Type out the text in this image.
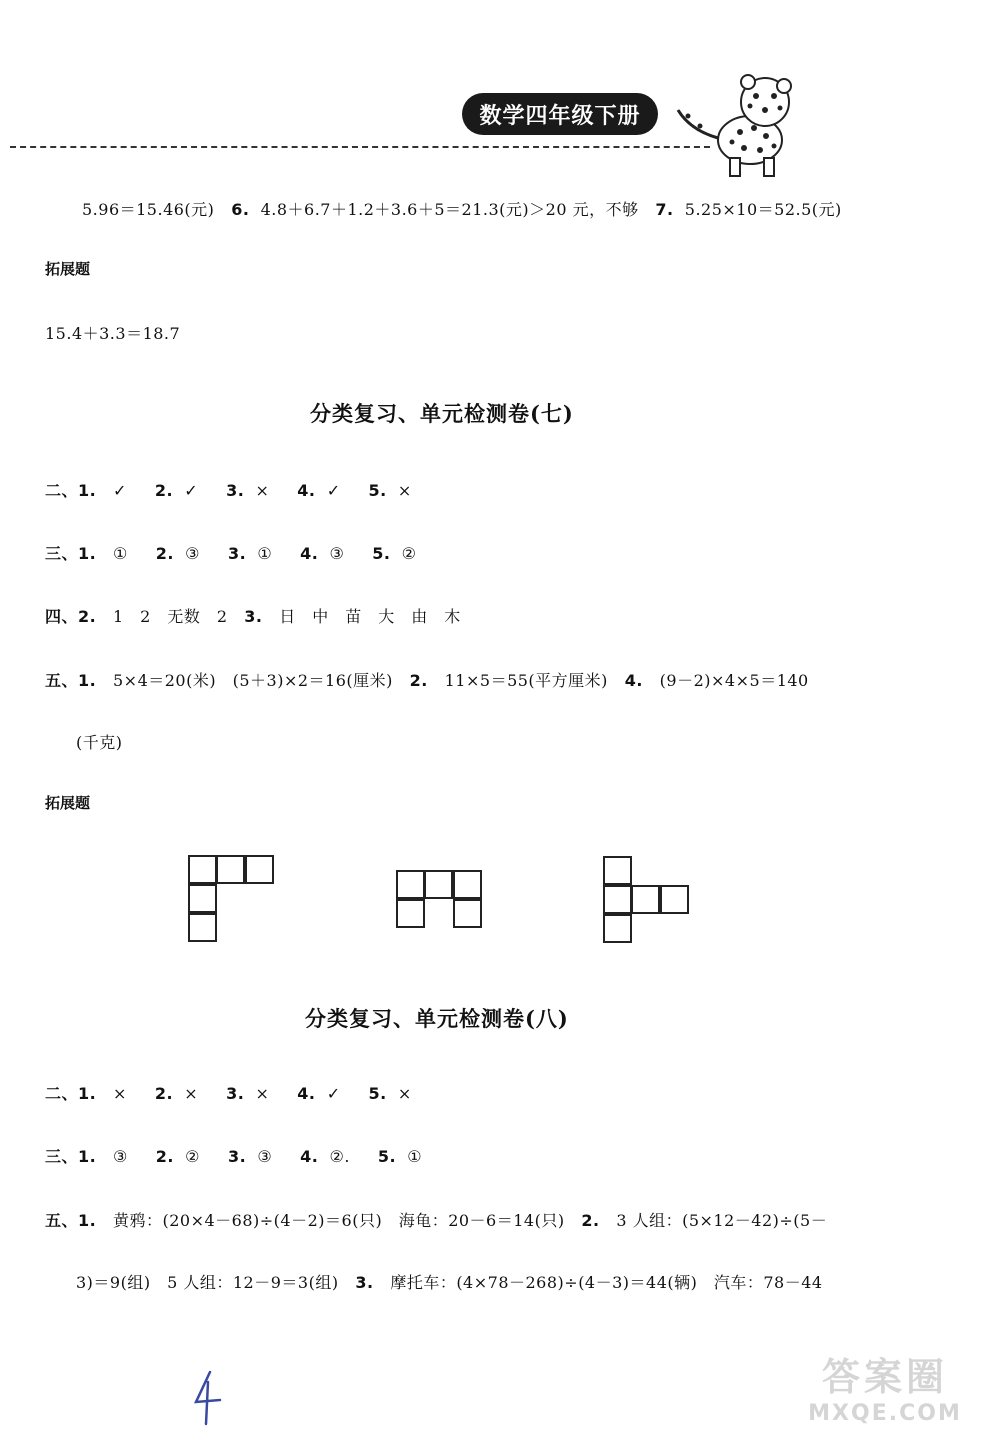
数学四年级下册
5.96＝15.46(元) 6. 4.8＋6.7＋1.2＋3.6＋5＝21.3(元)＞20 元，不够 7. 5.25×10＝52.5(元)
拓展题
15.4＋3.3＝18.7
分类复习、单元检测卷(七)
二、1. ✓ 2. ✓ 3. × 4. ✓ 5. ×
三、1. ① 2. ③ 3. ① 4. ③ 5. ②
四、2. 1　2　无数　2 3. 日　中　苗　大　由　木
五、1. 5×4＝20(米)　(5＋3)×2＝16(厘米) 2. 11×5＝55(平方厘米) 4. (9－2)×4×5＝140
(千克)
拓展题
分类复习、单元检测卷(八)
二、1. × 2. × 3. × 4. ✓ 5. ×
三、1. ③ 2. ② 3. ③ 4. ②. 5. ①
五、1. 黄鸦：(20×4－68)÷(4－2)＝6(只)　海龟：20－6＝14(只) 2. 3 人组：(5×12－42)÷(5－
3)＝9(组)　5 人组：12－9＝3(组) 3. 摩托车：(4×78－268)÷(4－3)＝44(辆)　汽车：78－44
答案圈
MXQE.COM
